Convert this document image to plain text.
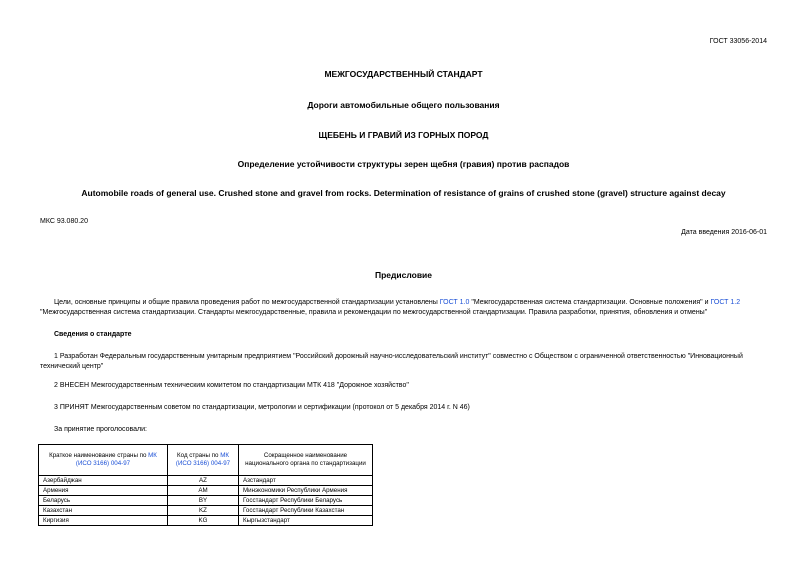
ГОСТ 33056-2014
МЕЖГОСУДАРСТВЕННЫЙ СТАНДАРТ
Дороги автомобильные общего пользования
ЩЕБЕНЬ И ГРАВИЙ ИЗ ГОРНЫХ ПОРОД
Определение устойчивости структуры зерен щебня (гравия) против распадов
Automobile roads of general use. Crushed stone and gravel from rocks. Determination of resistance of grains of crushed stone (gravel) structure against decay
МКС 93.080.20
Дата введения 2016-06-01
Предисловие
Цели, основные принципы и общие правила проведения работ по межгосударственной стандартизации установлены ГОСТ 1.0 "Межгосударственная система стандартизации. Основные положения" и ГОСТ 1.2 "Межгосударственная система стандартизации. Стандарты межгосударственные, правила и рекомендации по межгосударственной стандартизации. Правила разработки, принятия, обновления и отмены"
Сведения о стандарте
1 Разработан Федеральным государственным унитарным предприятием "Российский дорожный научно-исследовательский институт" совместно с Обществом с ограниченной ответственностью "Инновационный технический центр"
2 ВНЕСЕН Межгосударственным техническим комитетом по стандартизации МТК 418 "Дорожное хозяйство"
3 ПРИНЯТ Межгосударственным советом по стандартизации, метрологии и сертификации (протокол от 5 декабря 2014 г. N 46)
За принятие проголосовали:
Краткое наименование страны по МК (ИСО 3166) 004-97	Код страны по МК (ИСО 3166) 004-97	Сокращенное наименование национального органа по стандартизации
Азербайджан	AZ	Азстандарт
Армения	AM	Минэкономики Республики Армения
Беларусь	BY	Госстандарт Республики Беларусь
Казахстан	KZ	Госстандарт Республики Казахстан
Киргизия	KG	Кыргызстандарт
